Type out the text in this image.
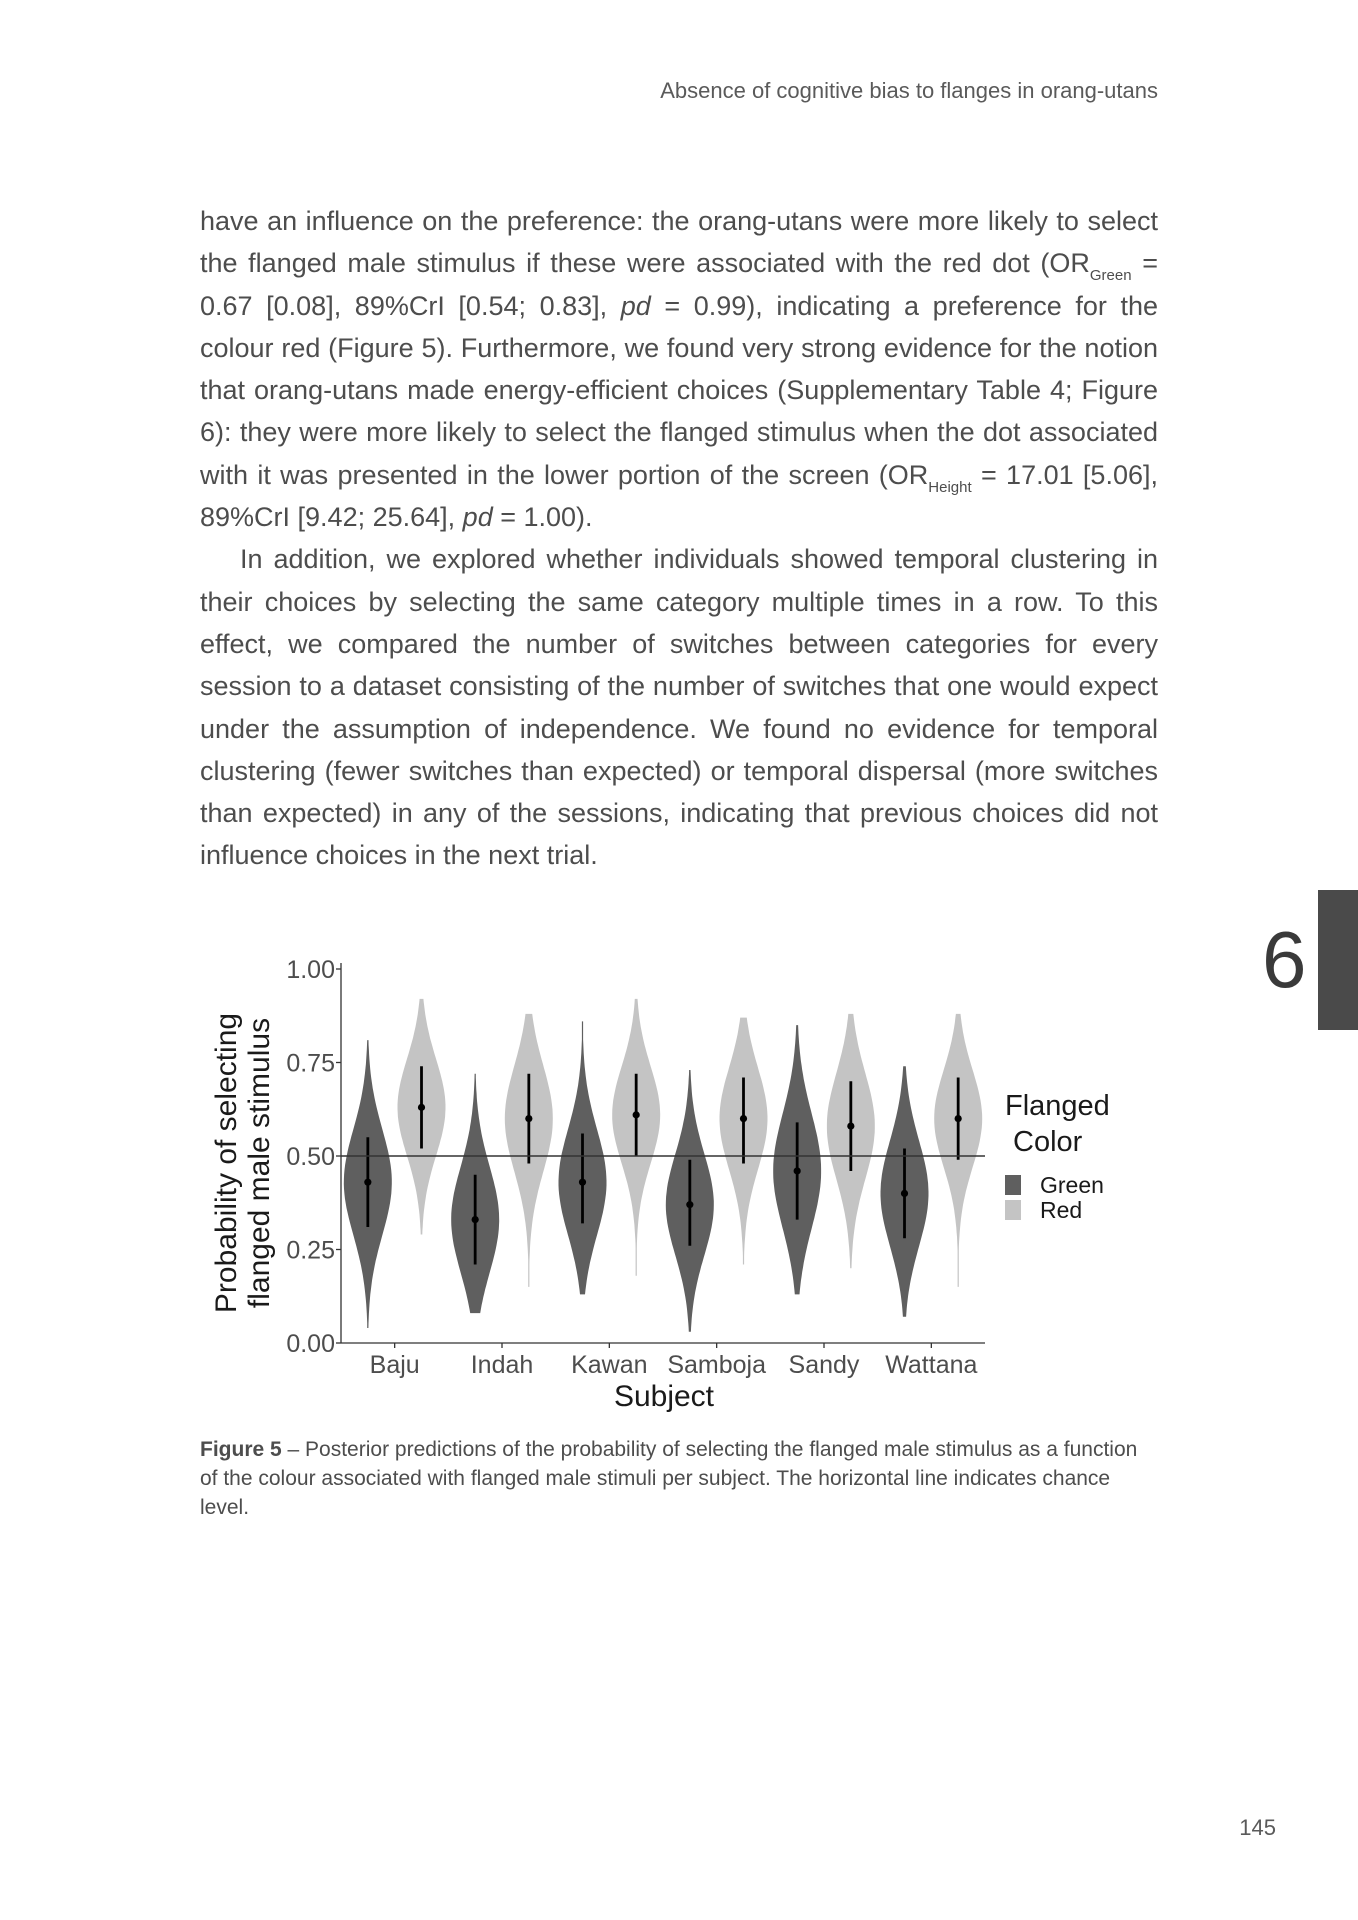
Absence of cognitive bias to flanges in orang-utans

have an influence on the preference: the orang-utans were more likely to select the flanged male stimulus if these were associated with the red dot ($OR_{Green} = 0.67$ [0.08], 89%CrI [0.54; 0.83], pd = 0.99), indicating a preference for the colour red (Figure 5). Furthermore, we found very strong evidence for the notion that orang-utans made energy-efficient choices (Supplementary Table 4; Figure 6): they were more likely to select the flanged stimulus when the dot associated with it was presented in the lower portion of the screen ($OR_{Height} = 17.01$ [5.06], 89%CrI [9.42; 25.64], pd = 1.00).

In addition, we explored whether individuals showed temporal clustering in their choices by selecting the same category multiple times in a row. To this effect, we compared the number of switches between categories for every session to a dataset consisting of the number of switches that one would expect under the assumption of independence. We found no evidence for temporal clustering (fewer switches than expected) or temporal dispersal (more switches than expected) in any of the sessions, indicating that previous choices did not influence choices in the next trial.

6
Probability of selecting flanged male stimulus
0.00
0.25
0.50
0.75
1.00
Baju Indah Kawan Samboja Sandy Wattana
Subject
Flanged
Color
Green
Red
Figure 5 – Posterior predictions of the probability of selecting the flanged male stimulus as a function of the colour associated with flanged male stimuli per subject. The horizontal line indicates chance level.
145
